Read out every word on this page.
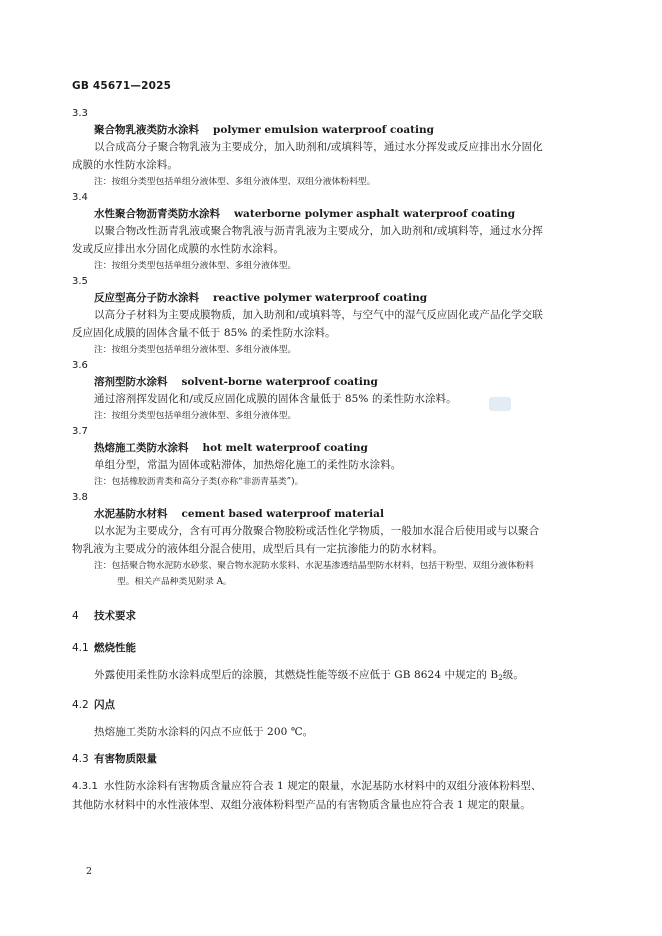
GB 45671—2025
3.3
聚合物乳液类防水涂料 polymer emulsion waterproof coating
以合成高分子聚合物乳液为主要成分，加入助剂和/或填料等，通过水分挥发或反应排出水分固化
成膜的水性防水涂料。
注：按组分类型包括单组分液体型、多组分液体型、双组分液体粉料型。
3.4
水性聚合物沥青类防水涂料 waterborne polymer asphalt waterproof coating
以聚合物改性沥青乳液或聚合物乳液与沥青乳液为主要成分，加入助剂和/或填料等，通过水分挥
发或反应排出水分固化成膜的水性防水涂料。
注：按组分类型包括单组分液体型、多组分液体型。
3.5
反应型高分子防水涂料 reactive polymer waterproof coating
以高分子材料为主要成膜物质，加入助剂和/或填料等，与空气中的湿气反应固化或产品化学交联
反应固化成膜的固体含量不低于 85% 的柔性防水涂料。
注：按组分类型包括单组分液体型、多组分液体型。
3.6
溶剂型防水涂料 solvent-borne waterproof coating
通过溶剂挥发固化和/或反应固化成膜的固体含量低于 85% 的柔性防水涂料。
注：按组分类型包括单组分液体型、多组分液体型。
3.7
热熔施工类防水涂料 hot melt waterproof coating
单组分型，常温为固体或粘滞体，加热熔化施工的柔性防水涂料。
注：包括橡胶沥青类和高分子类(亦称“非沥青基类”)。
3.8
水泥基防水材料 cement based waterproof material
以水泥为主要成分，含有可再分散聚合物胶粉或活性化学物质，一般加水混合后使用或与以聚合
物乳液为主要成分的液体组分混合使用，成型后具有一定抗渗能力的防水材料。
注：包括聚合物水泥防水砂浆、聚合物水泥防水浆料、水泥基渗透结晶型防水材料，包括干粉型、双组分液体粉料
型。相关产品种类见附录 A。
4 技术要求
4.1 燃烧性能
外露使用柔性防水涂料成型后的涂膜，其燃烧性能等级不应低于 GB 8624 中规定的 $B_2$级。
4.2 闪点
热熔施工类防水涂料的闪点不应低于 200 ℃。
4.3 有害物质限量
4.3.1 水性防水涂料有害物质含量应符合表 1 规定的限量，水泥基防水材料中的双组分液体粉料型、
其他防水材料中的水性液体型、双组分液体粉料型产品的有害物质含量也应符合表 1 规定的限量。
2
